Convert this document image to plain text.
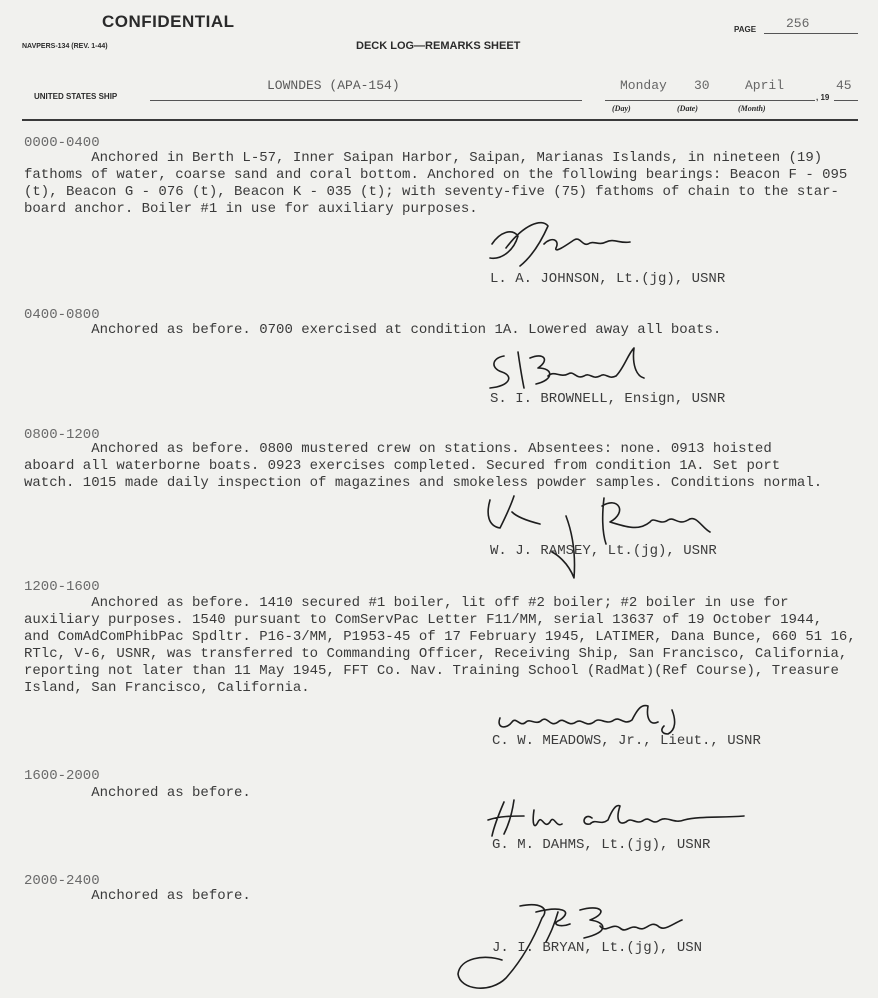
CONFIDENTIAL	PAGE 256
NAVPERS-134 (REV. 1-44)	DECK LOG—REMARKS SHEET
UNITED STATES SHIP
LOWNDES (APA-154)	Monday 30	April
, 19
45
(Day)	(Date)	(Month)
0000-0400
Anchored in Berth L-57, Inner Saipan Harbor, Saipan, Marianas Islands, in nineteen (19)
fathoms of water, coarse sand and coral bottom. Anchored on the following bearings: Beacon F - 095
(t), Beacon G - 076 (t), Beacon K - 035 (t); with seventy-five (75) fathoms of chain to the star-
board anchor. Boiler #1 in use for auxiliary purposes.
L. A. JOHNSON, Lt.(jg), USNR
0400-0800
Anchored as before. 0700 exercised at condition 1A. Lowered away all boats.
S. I. BROWNELL, Ensign, USNR
0800-1200
Anchored as before. 0800 mustered crew on stations. Absentees: none. 0913 hoisted
aboard all waterborne boats. 0923 exercises completed. Secured from condition 1A. Set port
watch. 1015 made daily inspection of magazines and smokeless powder samples. Conditions normal.
W. J. RAMSEY, Lt.(jg), USNR
1200-1600
Anchored as before. 1410 secured #1 boiler, lit off #2 boiler; #2 boiler in use for
auxiliary purposes. 1540 pursuant to ComServPac Letter F11/MM, serial 13637 of 19 October 1944,
and ComAdComPhibPac Spdltr. P16-3/MM, P1953-45 of 17 February 1945, LATIMER, Dana Bunce, 660 51 16,
RTlc, V-6, USNR, was transferred to Commanding Officer, Receiving Ship, San Francisco, California,
reporting not later than 11 May 1945, FFT Co. Nav. Training School (RadMat)(Ref Course), Treasure
Island, San Francisco, California.
C. W. MEADOWS, Jr., Lieut., USNR
1600-2000
Anchored as before.
G. M. DAHMS, Lt.(jg), USNR
2000-2400
Anchored as before.
J. I. BRYAN, Lt.(jg), USN
